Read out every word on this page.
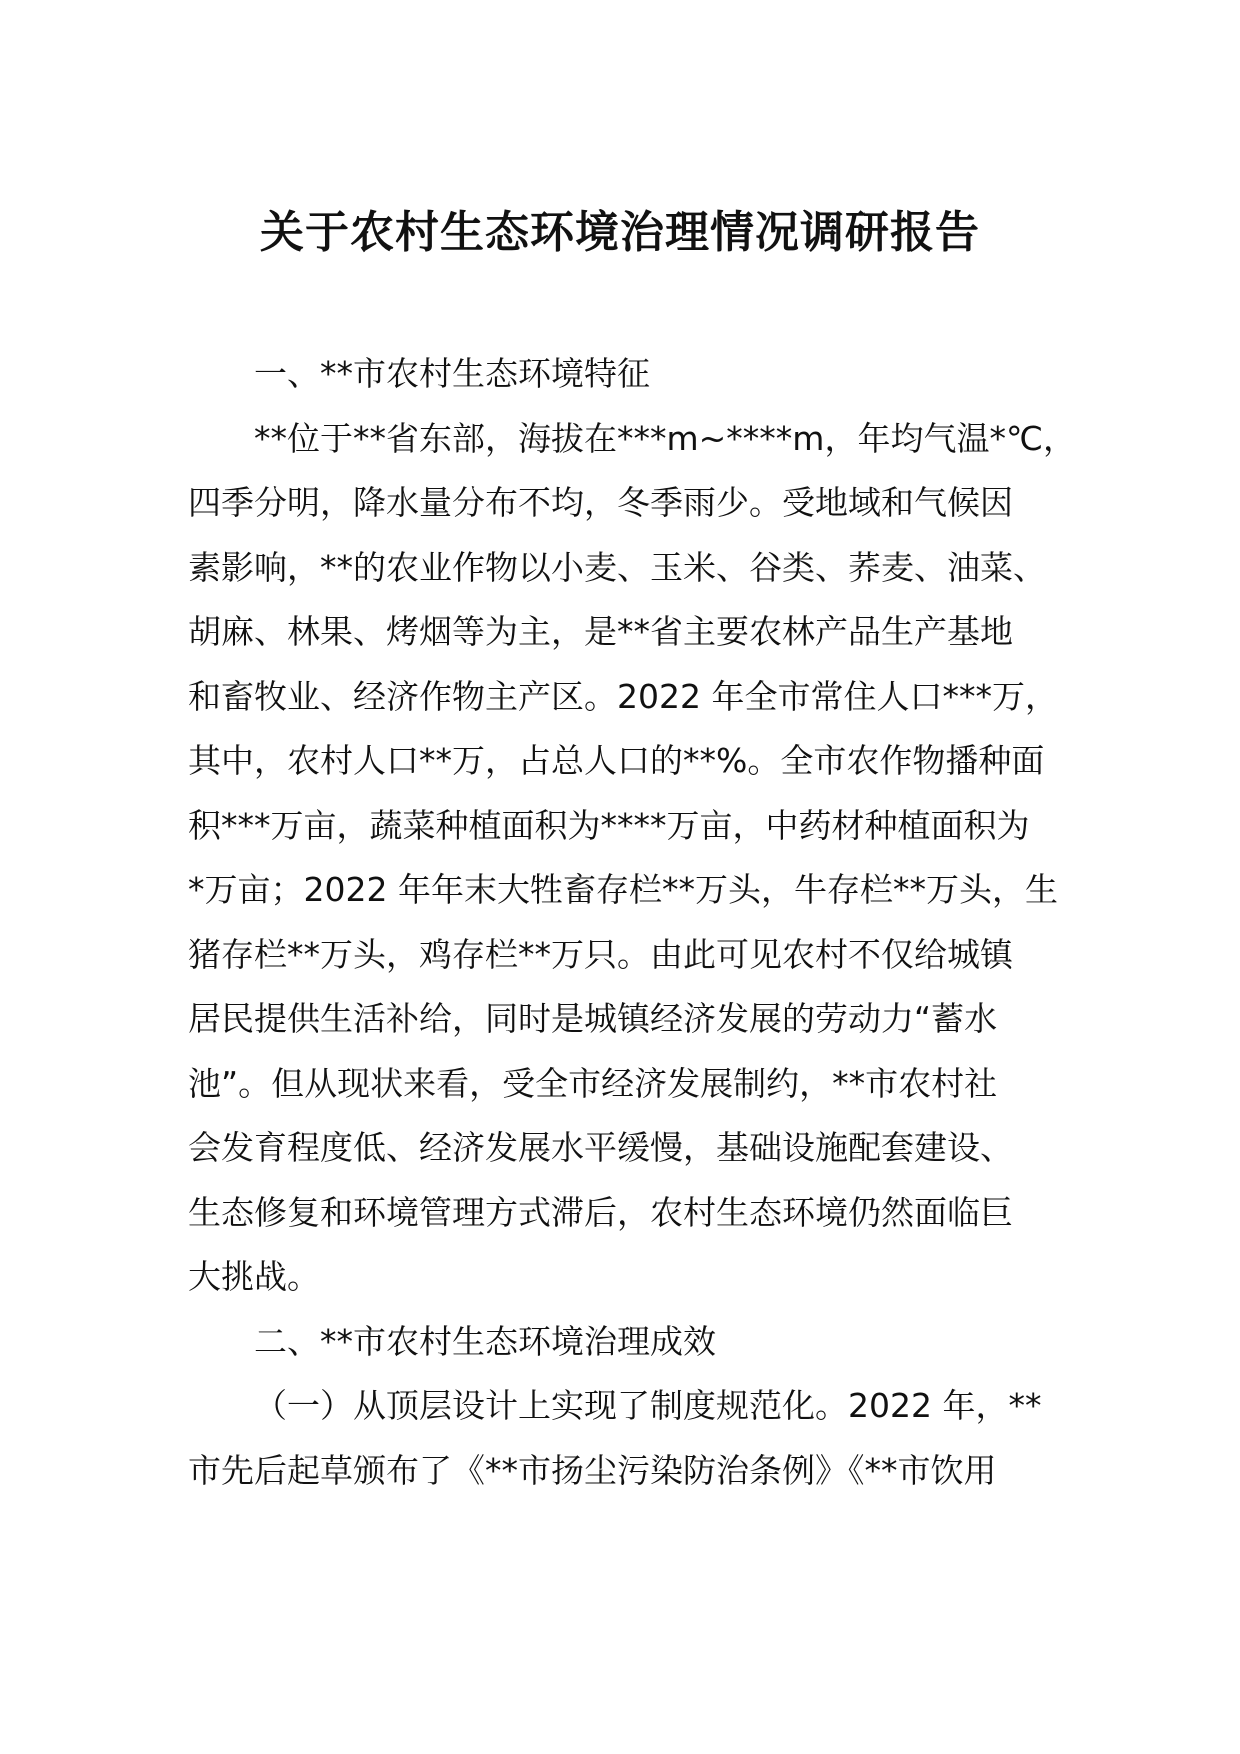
关于农村生态环境治理情况调研报告
一、**市农村生态环境特征
**位于**省东部，海拔在***m~****m，年均气温*℃，
四季分明，降水量分布不均，冬季雨少。受地域和气候因
素影响，**的农业作物以小麦、玉米、谷类、荞麦、油菜、
胡麻、林果、烤烟等为主，是**省主要农林产品生产基地
和畜牧业、经济作物主产区。2022 年全市常住人口***万，
其中，农村人口**万，占总人口的**%。全市农作物播种面
积***万亩，蔬菜种植面积为****万亩，中药材种植面积为
*万亩；2022 年年末大牲畜存栏**万头，牛存栏**万头，生
猪存栏**万头，鸡存栏**万只。由此可见农村不仅给城镇
居民提供生活补给，同时是城镇经济发展的劳动力“蓄水
池”。但从现状来看，受全市经济发展制约，**市农村社
会发育程度低、经济发展水平缓慢，基础设施配套建设、
生态修复和环境管理方式滞后，农村生态环境仍然面临巨
大挑战。
二、**市农村生态环境治理成效
（一）从顶层设计上实现了制度规范化。2022 年，**
市先后起草颁布了《**市扬尘污染防治条例》《**市饮用
